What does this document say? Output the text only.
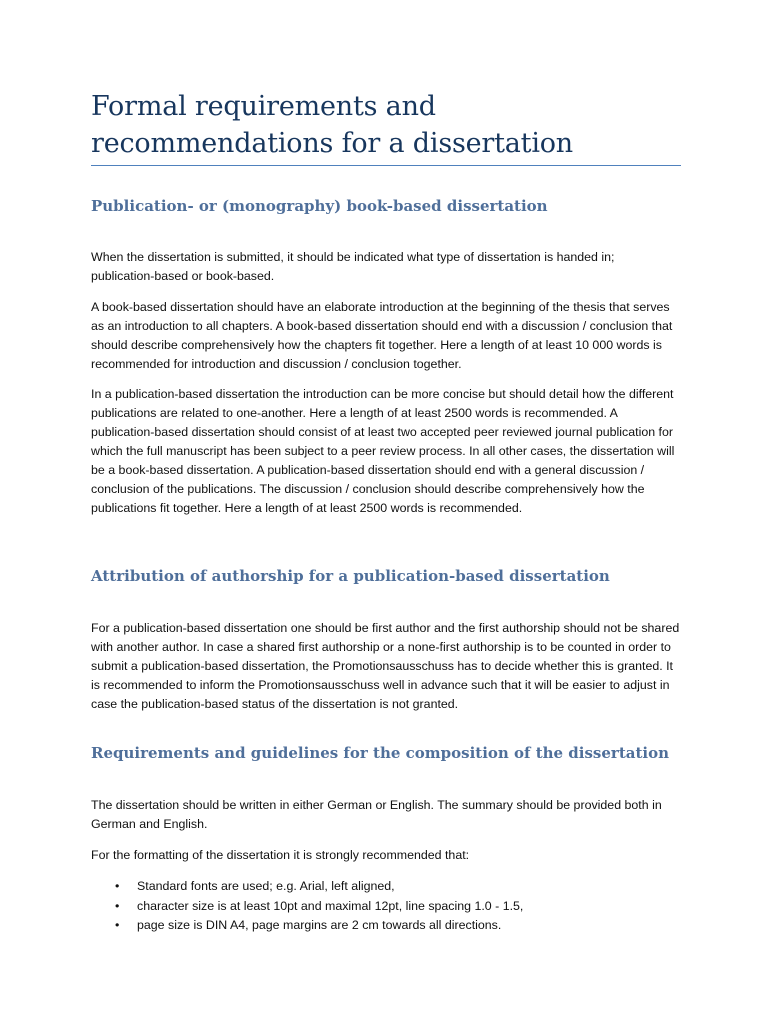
Formal requirements and recommendations for a dissertation
Publication- or (monography) book-based dissertation

When the dissertation is submitted, it should be indicated what type of dissertation is handed in; publication-based or book-based.

A book-based dissertation should have an elaborate introduction at the beginning of the thesis that serves as an introduction to all chapters. A book-based dissertation should end with a discussion / conclusion that should describe comprehensively how the chapters fit together. Here a length of at least 10 000 words is recommended for introduction and discussion / conclusion together.

In a publication-based dissertation the introduction can be more concise but should detail how the different publications are related to one-another. Here a length of at least 2500 words is recommended. A publication-based dissertation should consist of at least two accepted peer reviewed journal publication for which the full manuscript has been subject to a peer review process. In all other cases, the dissertation will be a book-based dissertation. A publication-based dissertation should end with a general discussion / conclusion of the publications. The discussion / conclusion should describe comprehensively how the publications fit together. Here a length of at least 2500 words is recommended.

Attribution of authorship for a publication-based dissertation

For a publication-based dissertation one should be first author and the first authorship should not be shared with another author. In case a shared first authorship or a none-first authorship is to be counted in order to submit a publication-based dissertation, the Promotionsausschuss has to decide whether this is granted. It is recommended to inform the Promotionsausschuss well in advance such that it will be easier to adjust in case the publication-based status of the dissertation is not granted.

Requirements and guidelines for the composition of the dissertation

The dissertation should be written in either German or English. The summary should be provided both in German and English.

For the formatting of the dissertation it is strongly recommended that:

• Standard fonts are used; e.g. Arial, left aligned,
• character size is at least 10pt and maximal 12pt, line spacing 1.0 - 1.5,
• page size is DIN A4, page margins are 2 cm towards all directions.
